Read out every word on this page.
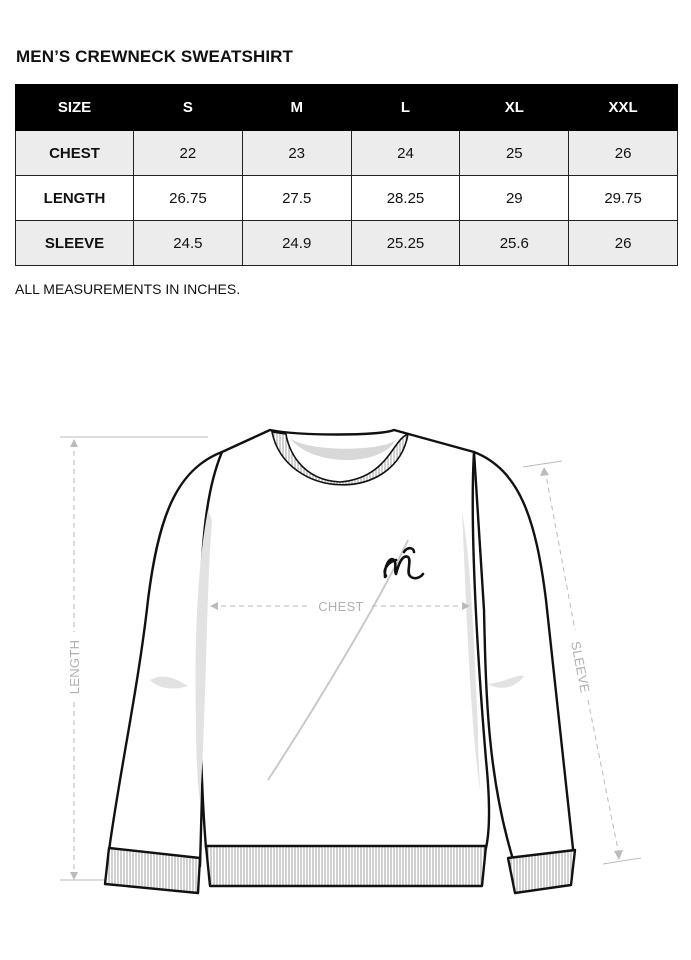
MEN’S CREWNECK SWEATSHIRT
SIZE	S	M	L	XL	XXL
CHEST	22	23	24	25	26
LENGTH	26.75	27.5	28.25	29	29.75
SLEEVE	24.5	24.9	25.25	25.6	26
ALL MEASUREMENTS IN INCHES.
LENGTH
CHEST
SLEEVE
